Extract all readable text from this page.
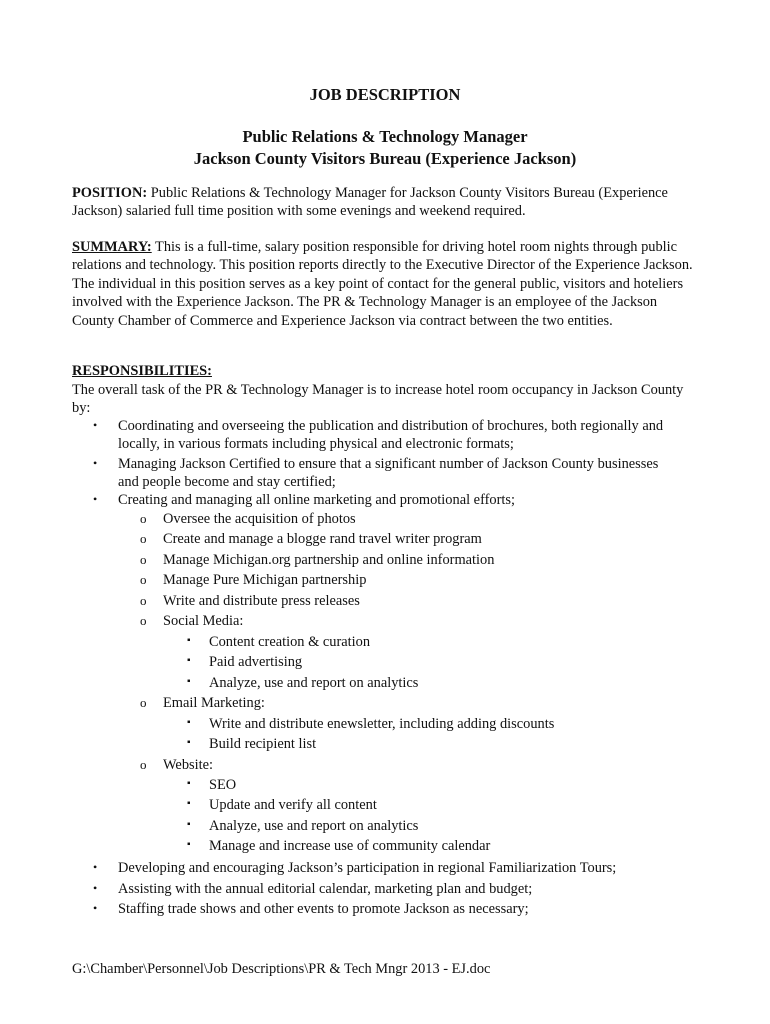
JOB DESCRIPTION
Public Relations & Technology Manager
Jackson County Visitors Bureau (Experience Jackson)
POSITION: Public Relations & Technology Manager for Jackson County Visitors Bureau (Experience Jackson) salaried full time position with some evenings and weekend required.
SUMMARY: This is a full-time, salary position responsible for driving hotel room nights through public relations and technology. This position reports directly to the Executive Director of the Experience Jackson. The individual in this position serves as a key point of contact for the general public, visitors and hoteliers involved with the Experience Jackson. The PR & Technology Manager is an employee of the Jackson County Chamber of Commerce and Experience Jackson via contract between the two entities.
RESPONSIBILITIES:
The overall task of the PR & Technology Manager is to increase hotel room occupancy in Jackson County by:
• Coordinating and overseeing the publication and distribution of brochures, both regionally and
locally, in various formats including physical and electronic formats;
• Managing Jackson Certified to ensure that a significant number of Jackson County businesses
and people become and stay certified;
• Creating and managing all online marketing and promotional efforts;
o Oversee the acquisition of photos
o Create and manage a blogge rand travel writer program
o Manage Michigan.org partnership and online information
o Manage Pure Michigan partnership
o Write and distribute press releases
o Social Media:
▪ Content creation & curation
▪ Paid advertising
▪ Analyze, use and report on analytics
o Email Marketing:
▪ Write and distribute enewsletter, including adding discounts
▪ Build recipient list
o Website:
▪ SEO
▪ Update and verify all content
▪ Analyze, use and report on analytics
▪ Manage and increase use of community calendar
• Developing and encouraging Jackson’s participation in regional Familiarization Tours;
• Assisting with the annual editorial calendar, marketing plan and budget;
• Staffing trade shows and other events to promote Jackson as necessary;
G:\Chamber\Personnel\Job Descriptions\PR & Tech Mngr 2013 - EJ.doc
